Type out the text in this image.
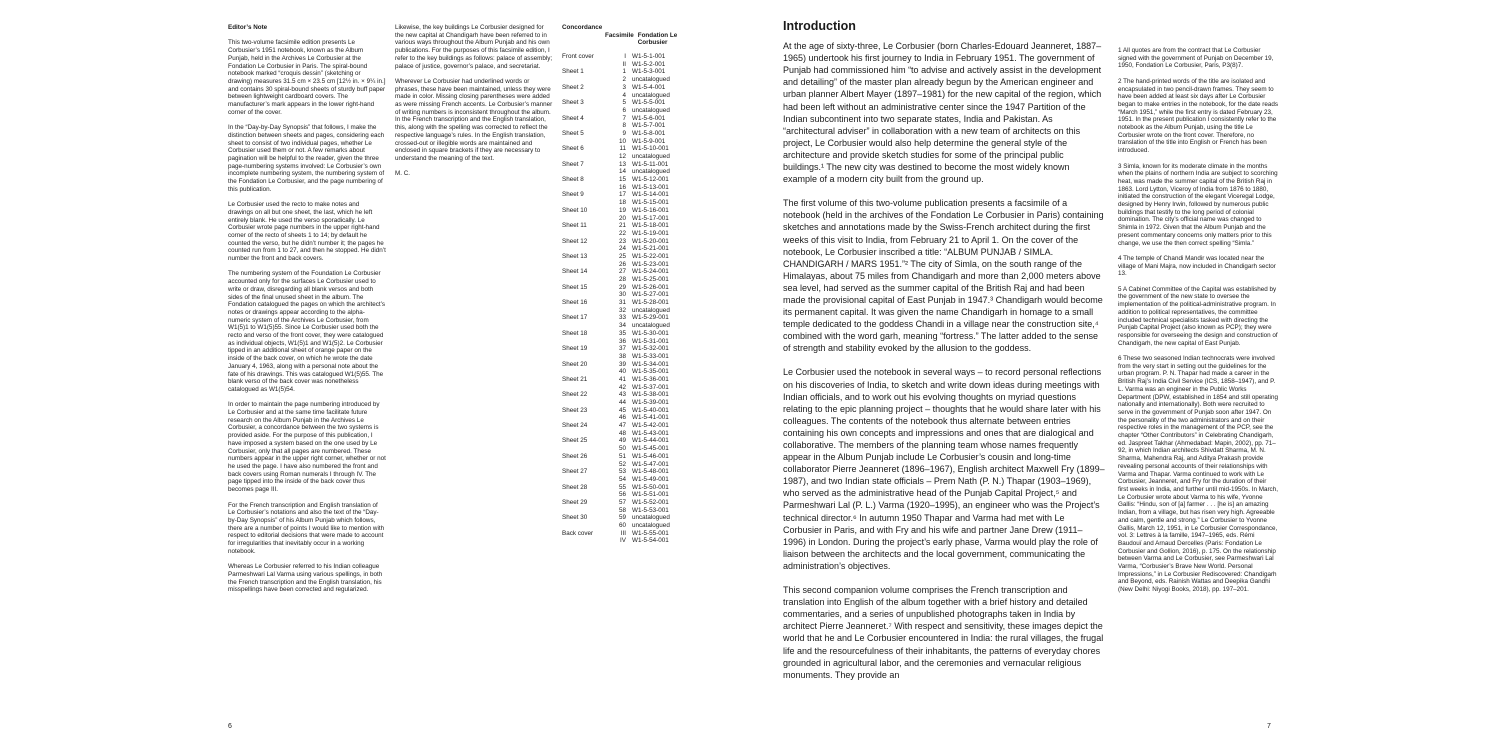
Editor’s Note

This two-volume facsimile edition presents Le Corbusier’s 1951 notebook, known as the Album Punjab, held in the Archives Le Corbusier at the Fondation Le Corbusier in Paris. The spiral-bound notebook marked “croquis dessin” (sketching or drawing) measures 31.5 cm × 23.5 cm [12½ in. × 9¼ in.] and contains 30 spiral-bound sheets of sturdy buff paper between lightweight cardboard covers. The manufacturer’s mark appears in the lower right-hand corner of the cover.

In the “Day-by-Day Synopsis” that follows, I make the distinction between sheets and pages, considering each sheet to consist of two individual pages, whether Le Corbusier used them or not. A few remarks about pagination will be helpful to the reader, given the three page-numbering systems involved: Le Corbusier’s own incomplete numbering system, the numbering system of the Fondation Le Corbusier, and the page numbering of this publication.

Le Corbusier used the recto to make notes and drawings on all but one sheet, the last, which he left entirely blank. He used the verso sporadically. Le Corbusier wrote page numbers in the upper right-hand corner of the recto of sheets 1 to 14; by default he counted the verso, but he didn’t number it; the pages he counted run from 1 to 27, and then he stopped. He didn’t number the front and back covers.

The numbering system of the Foundation Le Corbusier accounted only for the surfaces Le Corbusier used to write or draw, disregarding all blank versos and both sides of the final unused sheet in the album. The Fondation catalogued the pages on which the architect’s notes or drawings appear according to the alpha-numeric system of the Archives Le Corbusier, from W1(5)1 to W1(5)55. Since Le Corbusier used both the recto and verso of the front cover, they were catalogued as individual objects, W1(5)1 and W1(5)2. Le Corbusier tipped in an additional sheet of orange paper on the inside of the back cover, on which he wrote the date January 4, 1963, along with a personal note about the fate of his drawings. This was catalogued W1(5)55. The blank verso of the back cover was nonetheless catalogued as W1(5)54.

In order to maintain the page numbering introduced by Le Corbusier and at the same time facilitate future research on the Album Punjab in the Archives Le Corbusier, a concordance between the two systems is provided aside. For the purpose of this publication, I have imposed a system based on the one used by Le Corbusier, only that all pages are numbered. These numbers appear in the upper right corner, whether or not he used the page. I have also numbered the front and back covers using Roman numerals I through IV. The page tipped into the inside of the back cover thus becomes page III.

For the French transcription and English translation of Le Corbusier’s notations and also the text of the “Day-by-Day Synopsis” of his Album Punjab which follows, there are a number of points I would like to mention with respect to editorial decisions that were made to account for irregularities that inevitably occur in a working notebook.

Whereas Le Corbusier referred to his Indian colleague Parmeshwari Lal Varma using various spellings, in both the French transcription and the English translation, his misspellings have been corrected and regularized.

Likewise, the key buildings Le Corbusier designed for the new capital at Chandigarh have been referred to in various ways throughout the Album Punjab and his own publications. For the purposes of this facsimile edition, I refer to the key buildings as follows: palace of assembly; palace of justice, governor’s palace, and secretariat.

Wherever Le Corbusier had underlined words or phrases, these have been maintained, unless they were made in color. Missing closing parentheses were added as were missing French accents. Le Corbusier’s manner of writing numbers is inconsistent throughout the album. In the French transcription and the English translation, this, along with the spelling was corrected to reflect the respective language’s rules. In the English translation, crossed-out or illegible words are maintained and enclosed in square brackets if they are necessary to understand the meaning of the text.

M. C.

Concordance
Facsimile Fondation Le Corbusier
Front cover	I W1-5-1-001
II W1-5-2-001
Sheet 1	1 W1-5-3-001
2 uncatalogued
Sheet 2	3 W1-5-4-001
4 uncatalogued
Sheet 3	5 W1-5-5-001
6 uncatalogued
Sheet 4	7 W1-5-6-001
8 W1-5-7-001
Sheet 5	9 W1-5-8-001
10 W1-5-9-001
Sheet 6	11 W1-5-10-001
12 uncatalogued
Sheet 7	13 W1-5-11-001
14 uncatalogued
Sheet 8	15 W1-5-12-001
16 W1-5-13-001
Sheet 9	17 W1-5-14-001
18 W1-5-15-001
Sheet 10	19 W1-5-16-001
20 W1-5-17-001
Sheet 11	21 W1-5-18-001
22 W1-5-19-001
Sheet 12	23 W1-5-20-001
24 W1-5-21-001
Sheet 13	25 W1-5-22-001
26 W1-5-23-001
Sheet 14	27 W1-5-24-001
28 W1-5-25-001
Sheet 15	29 W1-5-26-001
30 W1-5-27-001
Sheet 16	31 W1-5-28-001
32 uncatalogued
Sheet 17	33 W1-5-29-001
34 uncatalogued
Sheet 18	35 W1-5-30-001
36 W1-5-31-001
Sheet 19	37 W1-5-32-001
38 W1-5-33-001
Sheet 20	39 W1-5-34-001
40 W1-5-35-001
Sheet 21	41 W1-5-36-001
42 W1-5-37-001
Sheet 22	43 W1-5-38-001
44 W1-5-39-001
Sheet 23	45 W1-5-40-001
46 W1-5-41-001
Sheet 24	47 W1-5-42-001
48 W1-5-43-001
Sheet 25	49 W1-5-44-001
50 W1-5-45-001
Sheet 26	51 W1-5-46-001
52 W1-5-47-001
Sheet 27	53 W1-5-48-001
54 W1-5-49-001
Sheet 28	55 W1-5-50-001
56 W1-5-51-001
Sheet 29	57 W1-5-52-001
58 W1-5-53-001
Sheet 30	59 uncatalogued
60 uncatalogued
Back cover	III W1-5-55-001
IV W1-5-54-001
6
Introduction

At the age of sixty-three, Le Corbusier (born Charles-Edouard Jeanneret, 1887–1965) undertook his first journey to India in February 1951. The government of Punjab had commissioned him “to advise and actively assist in the development and detailing” of the master plan already begun by the American engineer and urban planner Albert Mayer (1897–1981) for the new capital of the region, which had been left without an administrative center since the 1947 Partition of the Indian subcontinent into two separate states, India and Pakistan. As “architectural adviser” in collaboration with a new team of architects on this project, Le Corbusier would also help determine the general style of the architecture and provide sketch studies for some of the principal public buildings.¹ The new city was destined to become the most widely known example of a modern city built from the ground up.

The first volume of this two-volume publication presents a facsimile of a notebook (held in the archives of the Fondation Le Corbusier in Paris) containing sketches and annotations made by the Swiss-French architect during the first weeks of this visit to India, from February 21 to April 1. On the cover of the notebook, Le Corbusier inscribed a title: “ALBUM PUNJAB / SIMLA. CHANDIGARH / MARS 1951.”² The city of Simla, on the south range of the Himalayas, about 75 miles from Chandigarh and more than 2,000 meters above sea level, had served as the summer capital of the British Raj and had been made the provisional capital of East Punjab in 1947.³ Chandigarh would become its permanent capital. It was given the name Chandigarh in homage to a small temple dedicated to the goddess Chandi in a village near the construction site,⁴ combined with the word garh, meaning “fortress.” The latter added to the sense of strength and stability evoked by the allusion to the goddess.

Le Corbusier used the notebook in several ways – to record personal reflections on his discoveries of India, to sketch and write down ideas during meetings with Indian officials, and to work out his evolving thoughts on myriad questions relating to the epic planning project – thoughts that he would share later with his colleagues. The contents of the notebook thus alternate between entries containing his own concepts and impressions and ones that are dialogical and collaborative. The members of the planning team whose names frequently appear in the Album Punjab include Le Corbusier’s cousin and long-time collaborator Pierre Jeanneret (1896–1967), English architect Maxwell Fry (1899–1987), and two Indian state officials – Prem Nath (P. N.) Thapar (1903–1969), who served as the administrative head of the Punjab Capital Project,⁵ and Parmeshwari Lal (P. L.) Varma (1920–1995), an engineer who was the Project’s technical director.⁶ In autumn 1950 Thapar and Varma had met with Le Corbusier in Paris, and with Fry and his wife and partner Jane Drew (1911–1996) in London. During the project’s early phase, Varma would play the role of liaison between the architects and the local government, communicating the administration’s objectives.

This second companion volume comprises the French transcription and translation into English of the album together with a brief history and detailed commentaries, and a series of unpublished photographs taken in India by architect Pierre Jeanneret.⁷ With respect and sensitivity, these images depict the world that he and Le Corbusier encountered in India: the rural villages, the frugal life and the resourcefulness of their inhabitants, the patterns of everyday chores grounded in agricultural labor, and the ceremonies and vernacular religious monuments. They provide an

1 All quotes are from the contract that Le Corbusier signed with the government of Punjab on December 19, 1950, Fondation Le Corbusier, Paris, P3(8)7.

2 The hand-printed words of the title are isolated and encapsulated in two pencil-drawn frames. They seem to have been added at least six days after Le Corbusier began to make entries in the notebook, for the date reads “March 1951,” while the first entry is dated February 23, 1951. In the present publication I consistently refer to the notebook as the Album Punjab, using the title Le Corbusier wrote on the front cover. Therefore, no translation of the title into English or French has been introduced.

3 Simla, known for its moderate climate in the months when the plains of northern India are subject to scorching heat, was made the summer capital of the British Raj in 1863. Lord Lytton, Viceroy of India from 1876 to 1880, initiated the construction of the elegant Viceregal Lodge, designed by Henry Irwin, followed by numerous public buildings that testify to the long period of colonial domination. The city’s official name was changed to Shimla in 1972. Given that the Album Punjab and the present commentary concerns only matters prior to this change, we use the then correct spelling “Simla.”

4 The temple of Chandi Mandir was located near the village of Mani Majra, now included in Chandigarh sector 13.

5 A Cabinet Committee of the Capital was established by the government of the new state to oversee the implementation of the political-administrative program. In addition to political representatives, the committee included technical specialists tasked with directing the Punjab Capital Project (also known as PCP); they were responsible for overseeing the design and construction of Chandigarh, the new capital of East Punjab.

6 These two seasoned Indian technocrats were involved from the very start in setting out the guidelines for the urban program. P. N. Thapar had made a career in the British Raj’s India Civil Service (ICS, 1858–1947), and P. L. Varma was an engineer in the Public Works Department (DPW, established in 1854 and still operating nationally and internationally). Both were recruited to serve in the government of Punjab soon after 1947. On the personality of the two administrators and on their respective roles in the management of the PCP, see the chapter “Other Contributors” in Celebrating Chandigarh, ed. Jaspreet Takhar (Ahmedabad: Mapin, 2002), pp. 71–92, in which Indian architects Shivdatt Sharma, M. N. Sharma, Mahendra Raj, and Aditya Prakash provide revealing personal accounts of their relationships with Varma and Thapar. Varma continued to work with Le Corbusier, Jeanneret, and Fry for the duration of their first weeks in India, and further until mid-1950s. In March, Le Corbusier wrote about Varma to his wife, Yvonne Gallis: “Hindu, son of [a] farmer . . . [he is] an amazing Indian, from a village, but has risen very high. Agreeable and calm, gentle and strong.” Le Corbusier to Yvonne Gallis, March 12, 1951, in Le Corbusier Correspondance, vol. 3: Lettres à la famille, 1947–1965, eds. Rémi Baudouï and Arnaud Dercelles (Paris: Fondation Le Corbusier and Gollion, 2016), p. 175. On the relationship between Varma and Le Corbusier, see Parmeshwari Lal Varma, “Corbusier’s Brave New World. Personal Impressions,” in Le Corbusier Rediscovered: Chandigarh and Beyond, eds. Rainish Wattas and Deepika Gandhi (New Delhi: Niyogi Books, 2018), pp. 197–201.

7
